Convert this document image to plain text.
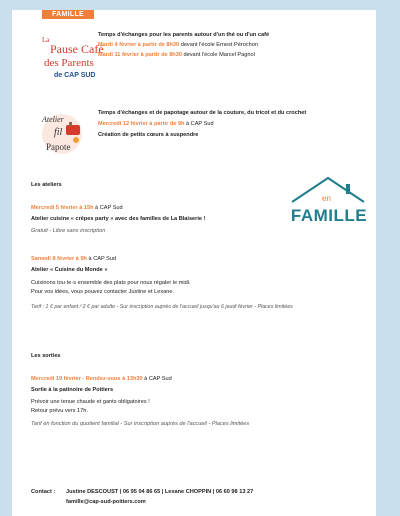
FAMILLE
La
Pause Café
des Parents
de CAP SUD
Temps d'échanges pour les parents autour d'un thé ou d'un café
Mardi 4 février à partir de 8h30 devant l'école Ernest Pérochon
Mardi 11 février à partir de 8h30 devant l'école Marcel Pagnol
Atelier
fil
Papote
Temps d'échanges et de papotage autour de la couture, du tricot et du crochet
Mercredi 12 février à partir de 9h à CAP Sud
Création de petits cœurs à suspendre
en
FAMILLE
Les ateliers
Mercredi 5 février à 15h à CAP Sud
Atelier cuisine « crêpes party » avec des familles de La Blaiserie !
Gratuit - Libre sans inscription
Samedi 8 février à 9h à CAP Sud
Atelier « Cuisine du Monde »
Cuisinons tou·te·s ensemble des plats pour nous régaler le midi.
Pour vos idées, vous pouvez contacter Justine et Lexane.
Tarif : 1 € par enfant / 2 € par adulte - Sur inscription auprès de l'accueil jusqu'au 6 jeudi février - Places limitées
Les sorties
Mercredi 19 février - Rendez-vous à 13h30 à CAP Sud
Sortie à la patinoire de Poitiers
Prévoir une tenue chaude et gants obligatoires !
Retour prévu vers 17h.
Tarif en fonction du quotient familial - Sur inscription auprès de l'accueil - Places limitées
Contact : Justine DESCOUST | 06 95 04 86 65 | Lexane CHOPPIN | 06 60 98 13 27
famille@cap-sud-poitiers.com
